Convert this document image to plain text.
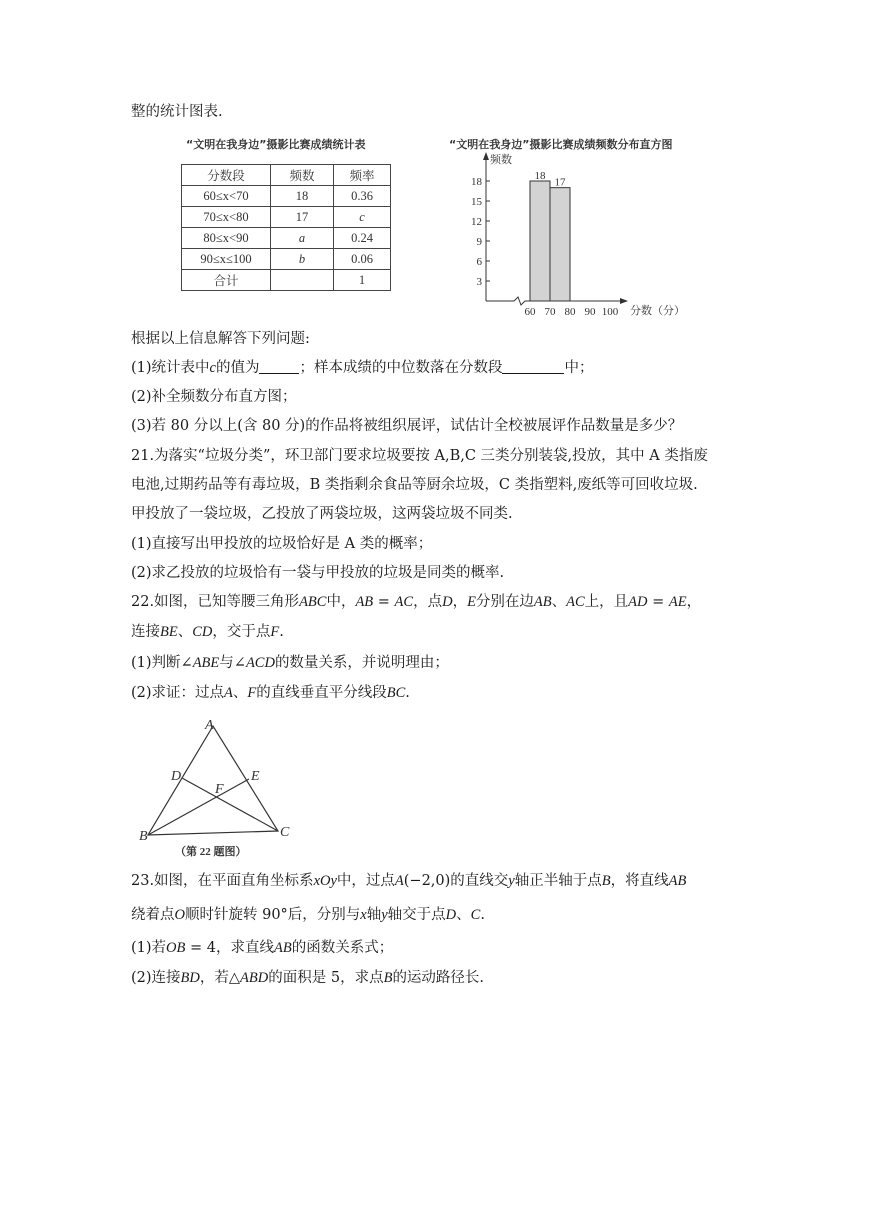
整的统计图表.
“文明在我身边”摄影比赛成绩统计表
分数段	频数	频率
60≤x<70	18	0.36
70≤x<80	17	c
80≤x<90	a	0.24
90≤x≤100	b	0.06
合计		1
“文明在我身边”摄影比赛成绩频数分布直方图
频数
分数（分）
3
6
9
12
15
18
60 70 80 90 100
18
17
根据以上信息解答下列问题:
(1)统计表中c的值为	；样本成绩的中位数落在分数段	中；
(2)补全频数分布直方图；
(3)若 80 分以上(含 80 分)的作品将被组织展评，试估计全校被展评作品数量是多少？
21.为落实“垃圾分类”，环卫部门要求垃圾要按 A,B,C 三类分别装袋,投放，其中 A 类指废
电池,过期药品等有毒垃圾，B 类指剩余食品等厨余垃圾，C 类指塑料,废纸等可回收垃圾.
甲投放了一袋垃圾，乙投放了两袋垃圾，这两袋垃圾不同类.
(1)直接写出甲投放的垃圾恰好是 A 类的概率；
(2)求乙投放的垃圾恰有一袋与甲投放的垃圾是同类的概率.
22.如图，已知等腰三角形ABC中，AB = AC，点D，E分别在边AB、AC上，且AD = AE，
连接BE、CD，交于点F.
(1)判断∠ABE与∠ACD的数量关系，并说明理由；
(2)求证：过点A、F的直线垂直平分线段BC.
A
B	C
D	E
F
（第 22 题图）
23.如图，在平面直角坐标系xOy中，过点A(−2,0)的直线交y轴正半轴于点B，将直线AB
绕着点O顺时针旋转 90°后，分别与x轴y轴交于点D、C.
(1)若OB = 4，求直线AB的函数关系式；
(2)连接BD，若△ABD的面积是 5，求点B的运动路径长.
